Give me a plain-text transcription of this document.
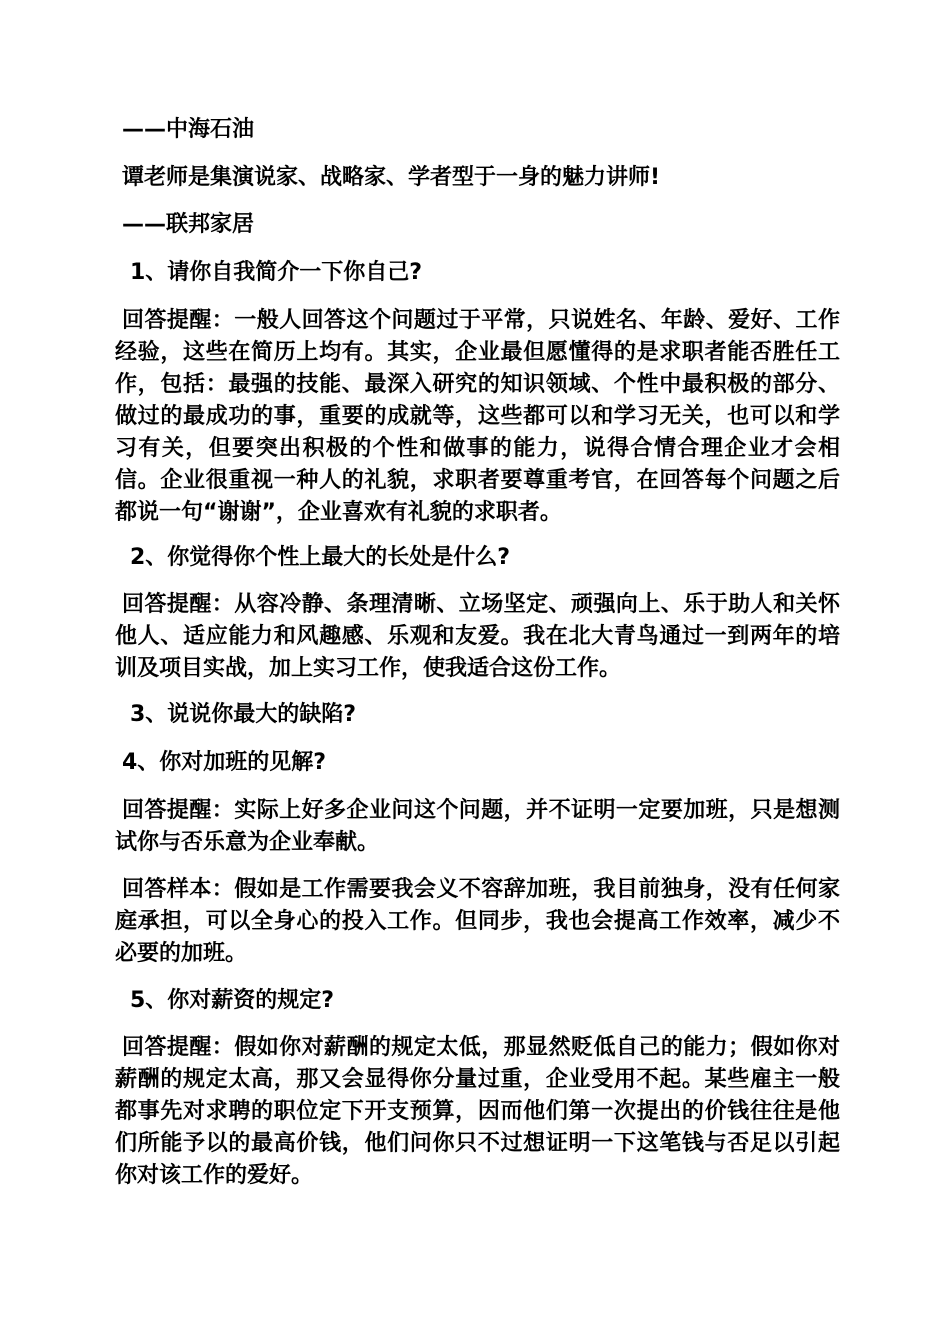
——中海石油
谭老师是集演说家、战略家、学者型于一身的魅力讲师!
——联邦家居
1、请你自我简介一下你自己?
回答提醒：一般人回答这个问题过于平常，只说姓名、年龄、爱好、工作经验，这些在简历上均有。其实，企业最但愿懂得的是求职者能否胜任工作，包括：最强的技能、最深入研究的知识领域、个性中最积极的部分、做过的最成功的事，重要的成就等，这些都可以和学习无关，也可以和学习有关，但要突出积极的个性和做事的能力，说得合情合理企业才会相信。企业很重视一种人的礼貌，求职者要尊重考官，在回答每个问题之后都说一句“谢谢”，企业喜欢有礼貌的求职者。
2、你觉得你个性上最大的长处是什么?
回答提醒：从容冷静、条理清晰、立场坚定、顽强向上、乐于助人和关怀他人、适应能力和风趣感、乐观和友爱。我在北大青鸟通过一到两年的培训及项目实战，加上实习工作，使我适合这份工作。
3、说说你最大的缺陷?
4、你对加班的见解?
回答提醒：实际上好多企业问这个问题，并不证明一定要加班，只是想测试你与否乐意为企业奉献。
回答样本：假如是工作需要我会义不容辞加班，我目前独身，没有任何家庭承担，可以全身心的投入工作。但同步，我也会提高工作效率，减少不必要的加班。
5、你对薪资的规定?
回答提醒：假如你对薪酬的规定太低，那显然贬低自己的能力；假如你对薪酬的规定太高，那又会显得你分量过重，企业受用不起。某些雇主一般都事先对求聘的职位定下开支预算，因而他们第一次提出的价钱往往是他们所能予以的最高价钱，他们问你只不过想证明一下这笔钱与否足以引起你对该工作的爱好。
